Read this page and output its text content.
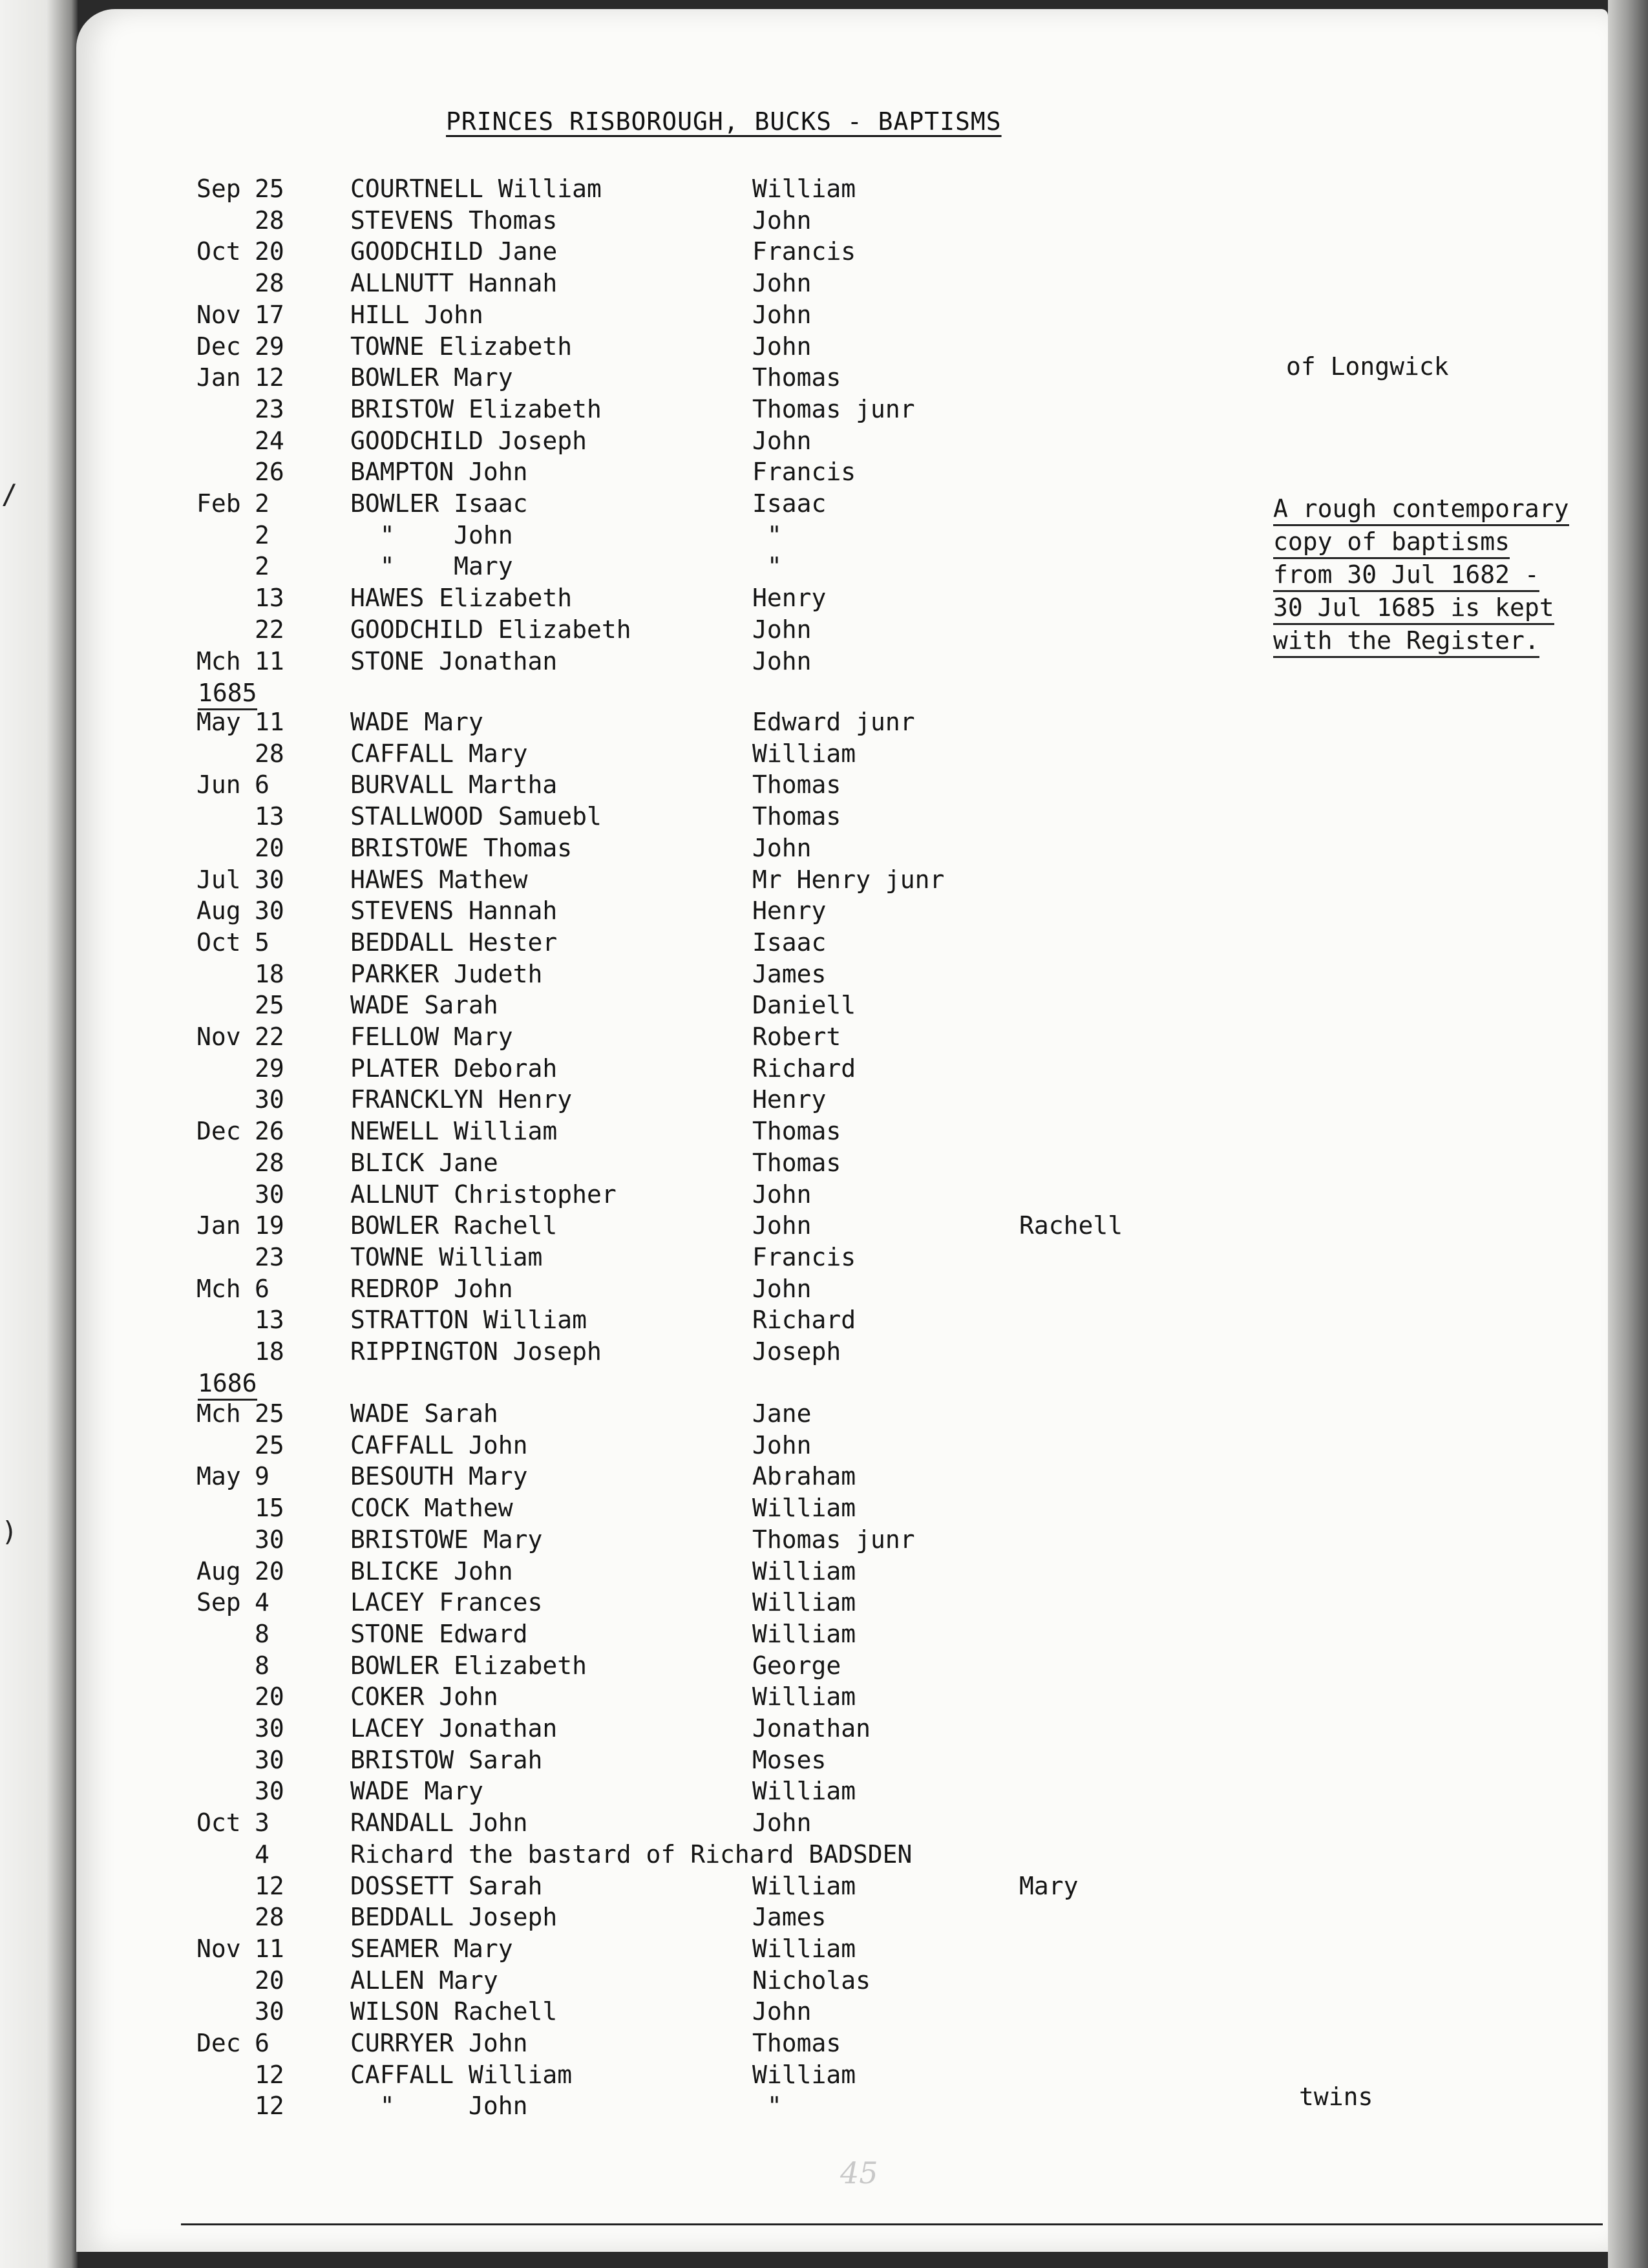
/
)
PRINCES RISBOROUGH, BUCKS - BAPTISMS
Sep 25	COURTNELL William	William
28	STEVENS Thomas	John
Oct 20	GOODCHILD Jane	Francis
28	ALLNUTT Hannah	John
Nov 17	HILL John	John
Dec 29	TOWNE Elizabeth	John
Jan 12	BOWLER Mary	Thomas
23	BRISTOW Elizabeth	Thomas junr
24	GOODCHILD Joseph	John
26	BAMPTON John	Francis
Feb 2	BOWLER Isaac	Isaac
2	"    John	"
2	"    Mary	"
13	HAWES Elizabeth	Henry
22	GOODCHILD Elizabeth	John
Mch 11	STONE Jonathan	John
May 11	WADE Mary	Edward junr
28	CAFFALL Mary	William
Jun 6	BURVALL Martha	Thomas
13	STALLWOOD Samuebl	Thomas
20	BRISTOWE Thomas	John
Jul 30	HAWES Mathew	Mr Henry junr
Aug 30	STEVENS Hannah	Henry
Oct 5	BEDDALL Hester	Isaac
18	PARKER Judeth	James
25	WADE Sarah	Daniell
Nov 22	FELLOW Mary	Robert
29	PLATER Deborah	Richard
30	FRANCKLYN Henry	Henry
Dec 26	NEWELL William	Thomas
28	BLICK Jane	Thomas
30	ALLNUT Christopher	John
Jan 19	BOWLER Rachell	John	Rachell
23	TOWNE William	Francis
Mch 6	REDROP John	John
13	STRATTON William	Richard
18	RIPPINGTON Joseph	Joseph
Mch 25	WADE Sarah	Jane
25	CAFFALL John	John
May 9	BESOUTH Mary	Abraham
15	COCK Mathew	William
30	BRISTOWE Mary	Thomas junr
Aug 20	BLICKE John	William
Sep 4	LACEY Frances	William
8	STONE Edward	William
8	BOWLER Elizabeth	George
20	COKER John	William
30	LACEY Jonathan	Jonathan
30	BRISTOW Sarah	Moses
30	WADE Mary	William
Oct 3	RANDALL John	John
4	Richard the bastard of Richard BADSDEN
12	DOSSETT Sarah	William	Mary
28	BEDDALL Joseph	James
Nov 11	SEAMER Mary	William
20	ALLEN Mary	Nicholas
30	WILSON Rachell	John
Dec 6	CURRYER John	Thomas
12	CAFFALL William	William
12	"     John	"
1685
1686
of Longwick
twins
A rough contemporary
copy of baptisms
from 30 Jul 1682 -
30 Jul 1685 is kept
with the Register.
45
